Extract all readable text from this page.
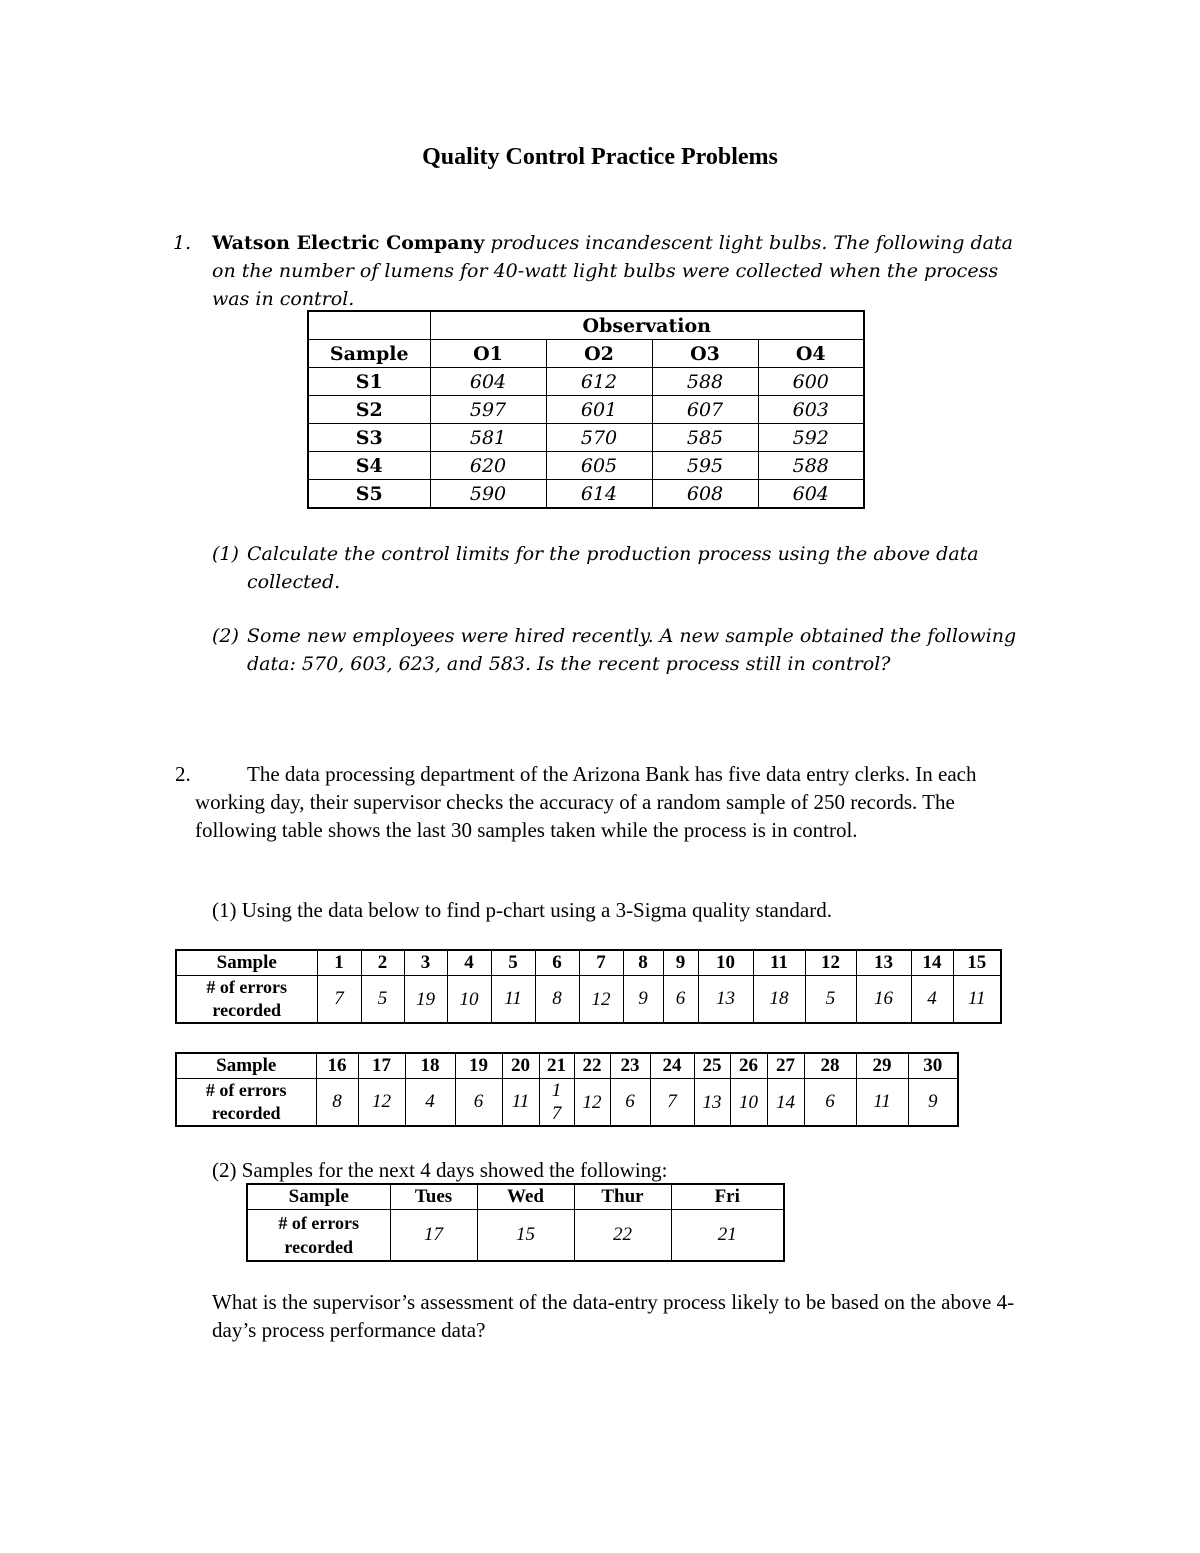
Quality Control Practice Problems
1. Watson Electric Company produces incandescent light bulbs. The following data on the number of lumens for 40-watt light bulbs were collected when the process was in control.
	Observation			
Sample	O1	O2	O3	O4
S1	604	612	588	600
S2	597	601	607	603
S3	581	570	585	592
S4	620	605	595	588
S5	590	614	608	604
(1) Calculate the control limits for the production process using the above data collected.
(2) Some new employees were hired recently. A new sample obtained the following data: 570, 603, 623, and 583. Is the recent process still in control?
2.	The data processing department of the Arizona Bank has five data entry clerks. In each working day, their supervisor checks the accuracy of a random sample of 250 records. The following table shows the last 30 samples taken while the process is in control.
(1) Using the data below to find p-chart using a 3-Sigma quality standard.
Sample	1	2	3	4	5	6	7	8	9	10	11	12	13	14	15
# of errors recorded	7	5	19	10	11	8	12	9	6	13	18	5	16	4	11
Sample	16	17	18	19	20	21	22	23	24	25	26	27	28	29	30
# of errors recorded	8	12	4	6	11	17	12	6	7	13	10	14	6	11	9
(2) Samples for the next 4 days showed the following:
Sample	Tues	Wed	Thur	Fri
# of errors recorded	17	15	22	21
What is the supervisor’s assessment of the data-entry process likely to be based on the above 4-day’s process performance data?
